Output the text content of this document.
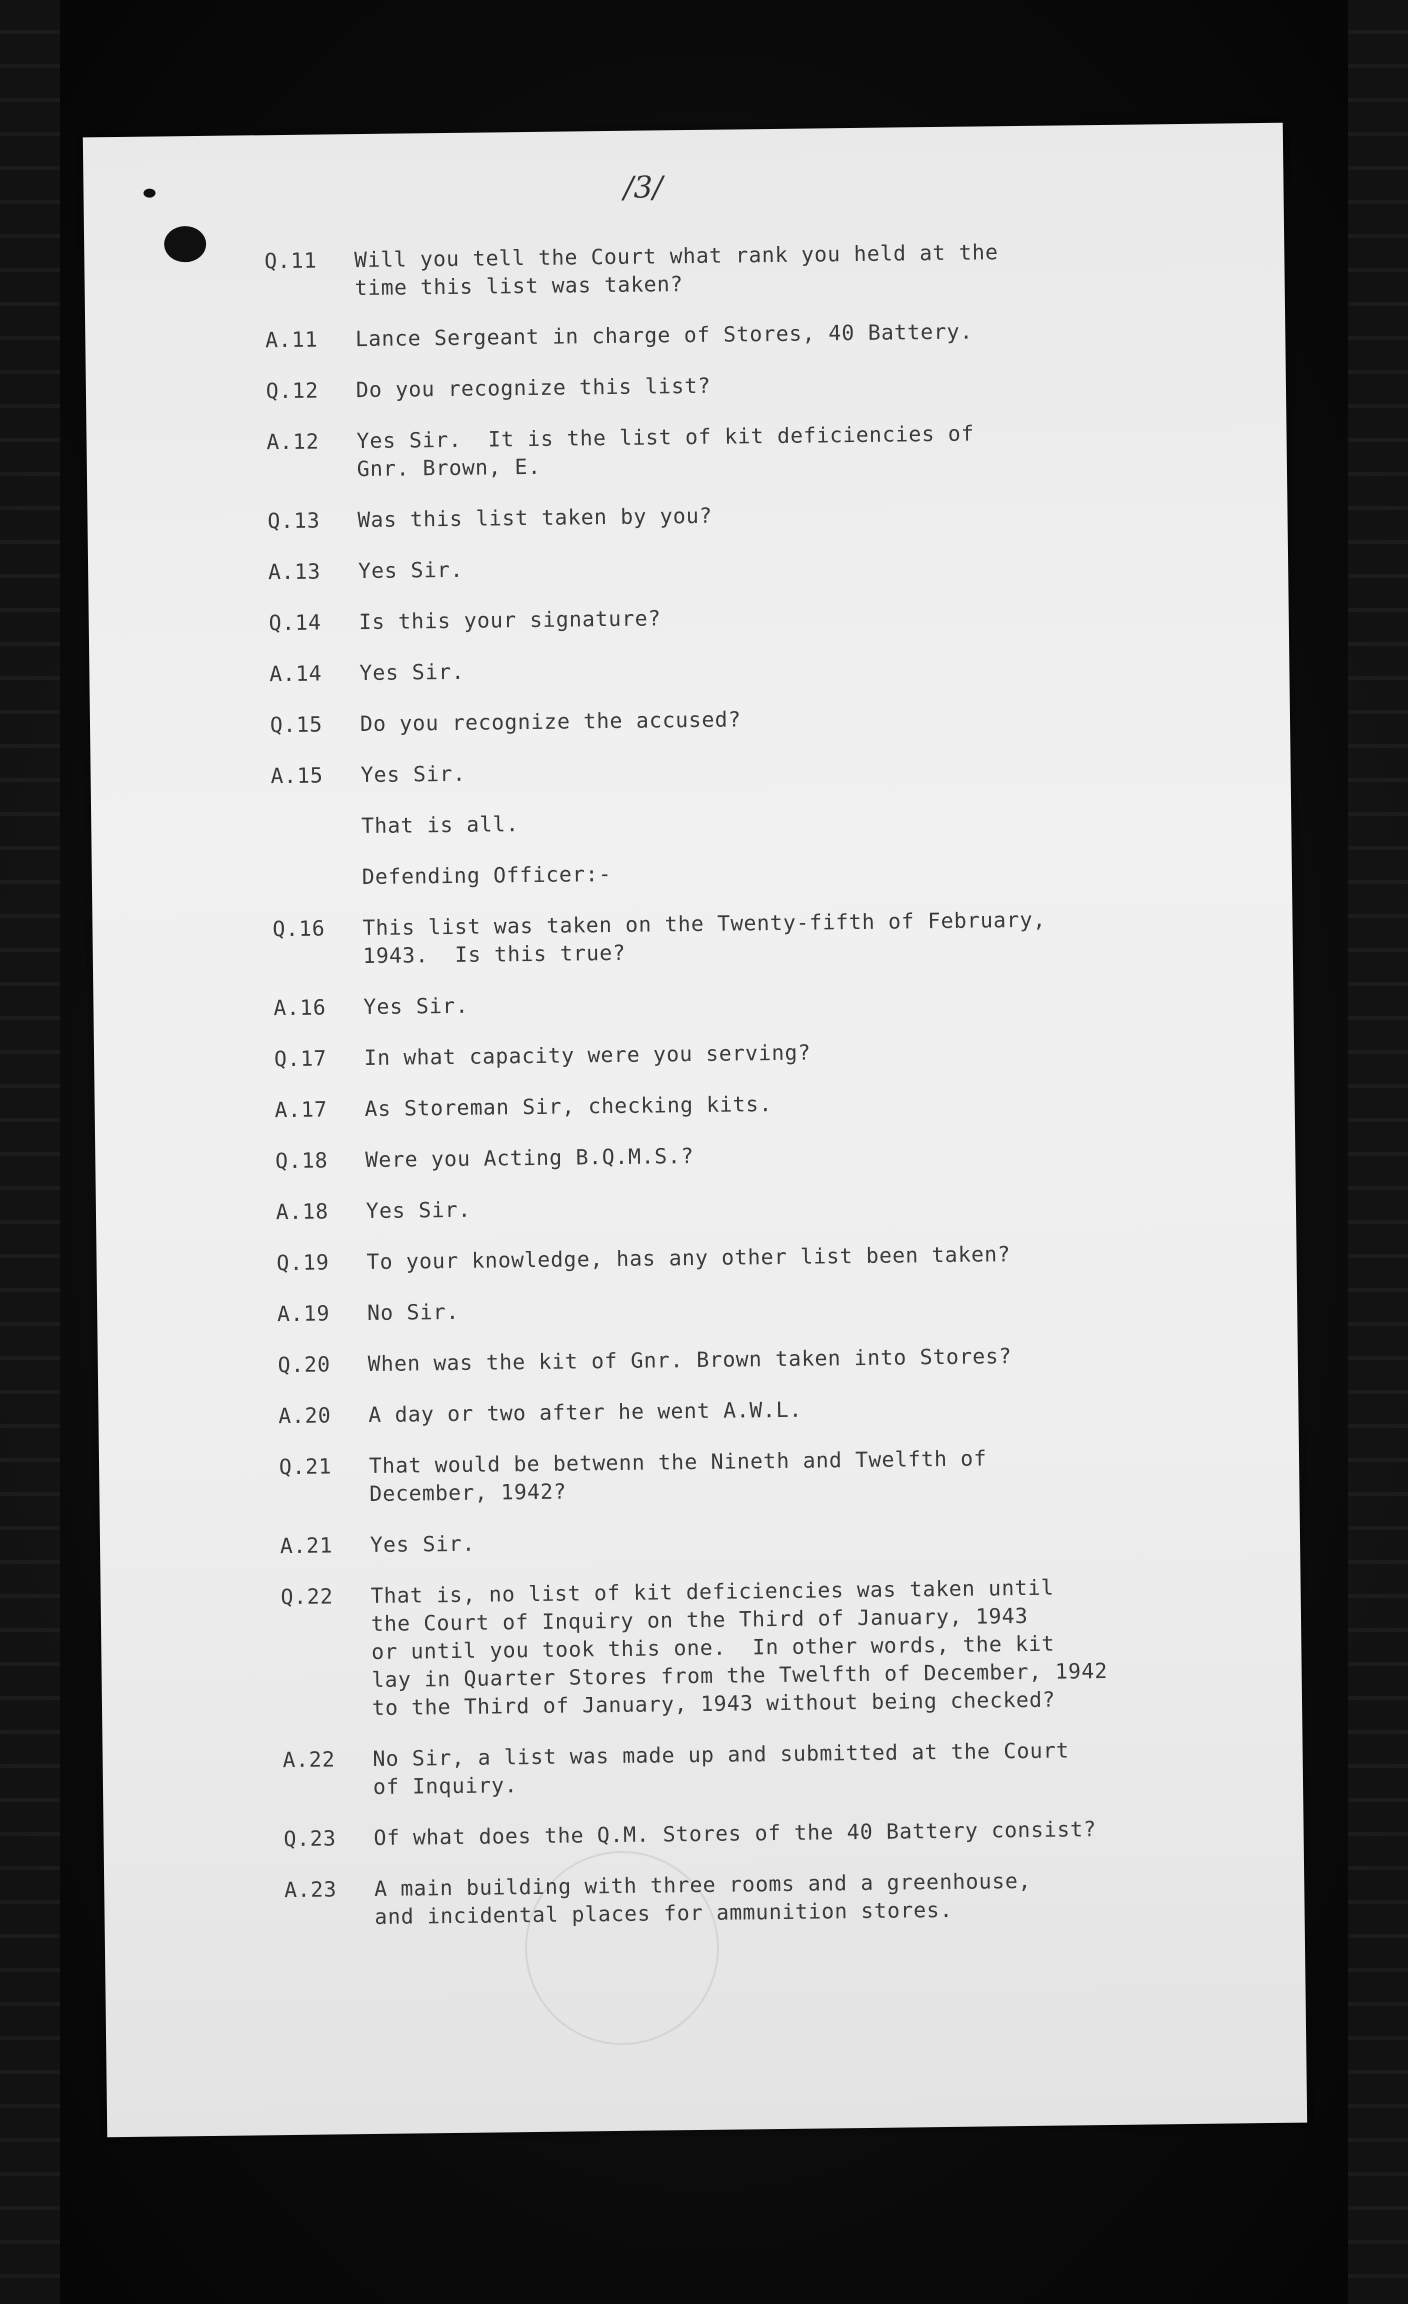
/3/
Q.11	Will you tell the Court what rank you held at the
time this list was taken?
A.11	Lance Sergeant in charge of Stores, 40 Battery.
Q.12	Do you recognize this list?
A.12	Yes Sir.  It is the list of kit deficiencies of
Gnr. Brown, E.
Q.13	Was this list taken by you?
A.13	Yes Sir.
Q.14	Is this your signature?
A.14	Yes Sir.
Q.15	Do you recognize the accused?
A.15	Yes Sir.
That is all.
Defending Officer:-
Q.16	This list was taken on the Twenty-fifth of February,
1943.  Is this true?
A.16	Yes Sir.
Q.17	In what capacity were you serving?
A.17	As Storeman Sir, checking kits.
Q.18	Were you Acting B.Q.M.S.?
A.18	Yes Sir.
Q.19	To your knowledge, has any other list been taken?
A.19	No Sir.
Q.20	When was the kit of Gnr. Brown taken into Stores?
A.20	A day or two after he went A.W.L.
Q.21	That would be betwenn the Nineth and Twelfth of
December, 1942?
A.21	Yes Sir.
Q.22	That is, no list of kit deficiencies was taken until
the Court of Inquiry on the Third of January, 1943
or until you took this one.  In other words, the kit
lay in Quarter Stores from the Twelfth of December, 1942
to the Third of January, 1943 without being checked?
A.22	No Sir, a list was made up and submitted at the Court
of Inquiry.
Q.23	Of what does the Q.M. Stores of the 40 Battery consist?
A.23	A main building with three rooms and a greenhouse,
and incidental places for ammunition stores.
